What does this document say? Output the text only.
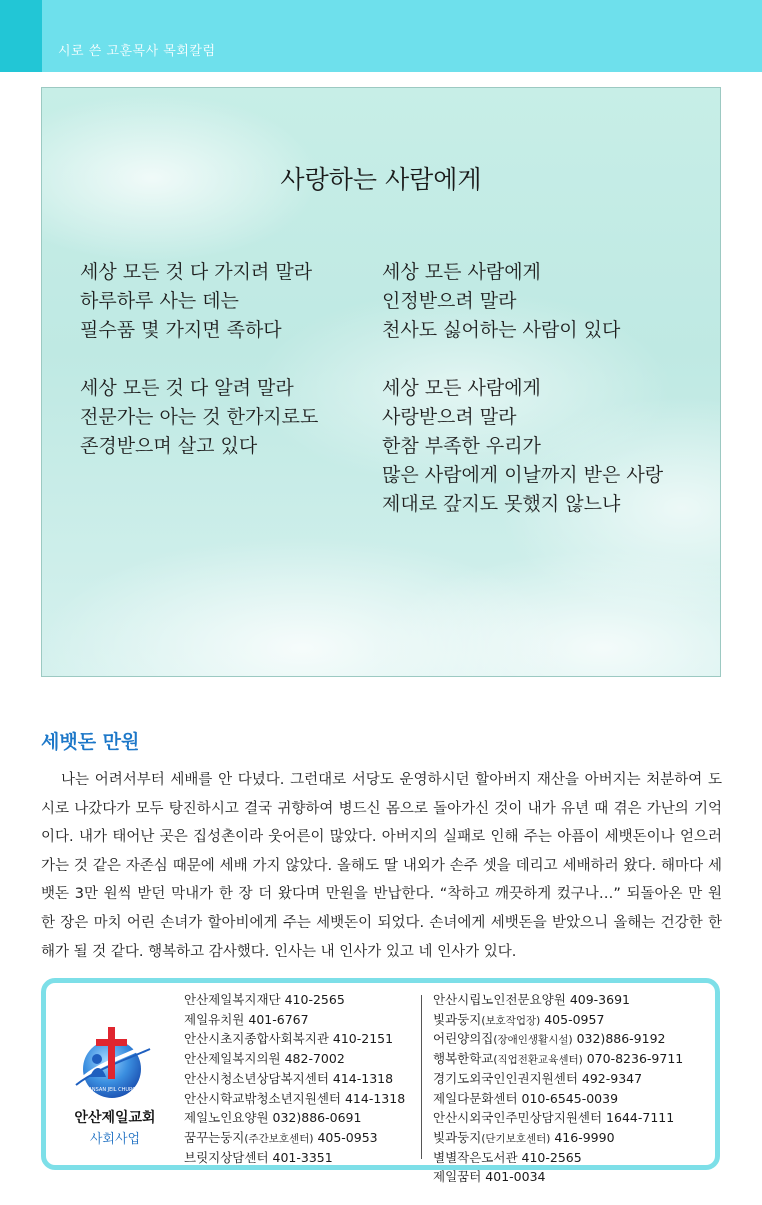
시로 쓴 고훈목사 목회칼럼
사랑하는 사람에게
세상 모든 것 다 가지려 말라
하루하루 사는 데는
필수품 몇 가지면 족하다
세상 모든 것 다 알려 말라
전문가는 아는 것 한가지로도
존경받으며 살고 있다
세상 모든 사람에게
인정받으려 말라
천사도 싫어하는 사람이 있다
세상 모든 사람에게
사랑받으려 말라
한참 부족한 우리가
많은 사람에게 이날까지 받은 사랑
제대로 갚지도 못했지 않느냐
세뱃돈 만원

나는 어려서부터 세배를 안 다녔다. 그런대로 서당도 운영하시던 할아버지 재산을 아버지는 처분하여 도시로 나갔다가 모두 탕진하시고 결국 귀향하여 병드신 몸으로 돌아가신 것이 내가 유년 때 겪은 가난의 기억이다. 내가 태어난 곳은 집성촌이라 웃어른이 많았다. 아버지의 실패로 인해 주는 아픔이 세뱃돈이나 얻으러 가는 것 같은 자존심 때문에 세배 가지 않았다. 올해도 딸 내외가 손주 셋을 데리고 세배하러 왔다. 해마다 세뱃돈 3만 원씩 받던 막내가 한 장 더 왔다며 만원을 반납한다. “착하고 깨끗하게 컸구나…” 되돌아온 만 원 한 장은 마치 어린 손녀가 할아비에게 주는 세뱃돈이 되었다. 손녀에게 세뱃돈을 받았으니 올해는 건강한 한 해가 될 것 같다. 행복하고 감사했다. 인사는 내 인사가 있고 네 인사가 있다.

ANSAN JEIL CHURCH
안산제일교회
사회사업
안산제일복지재단 410-2565
제일유치원 401-6767
안산시초지종합사회복지관 410-2151
안산제일복지의원 482-7002
안산시청소년상담복지센터 414-1318
안산시학교밖청소년지원센터 414-1318
제일노인요양원 032)886-0691
꿈꾸는둥지(주간보호센터) 405-0953
브릿지상담센터 401-3351
안산시립노인전문요양원 409-3691
빛과둥지(보호작업장) 405-0957
어린양의집(장애인생활시설) 032)886-9192
행복한학교(직업전환교육센터) 070-8236-9711
경기도외국인인권지원센터 492-9347
제일다문화센터 010-6545-0039
안산시외국인주민상담지원센터 1644-7111
빛과둥지(단기보호센터) 416-9990
별별작은도서관 410-2565
제일꿈터 401-0034
